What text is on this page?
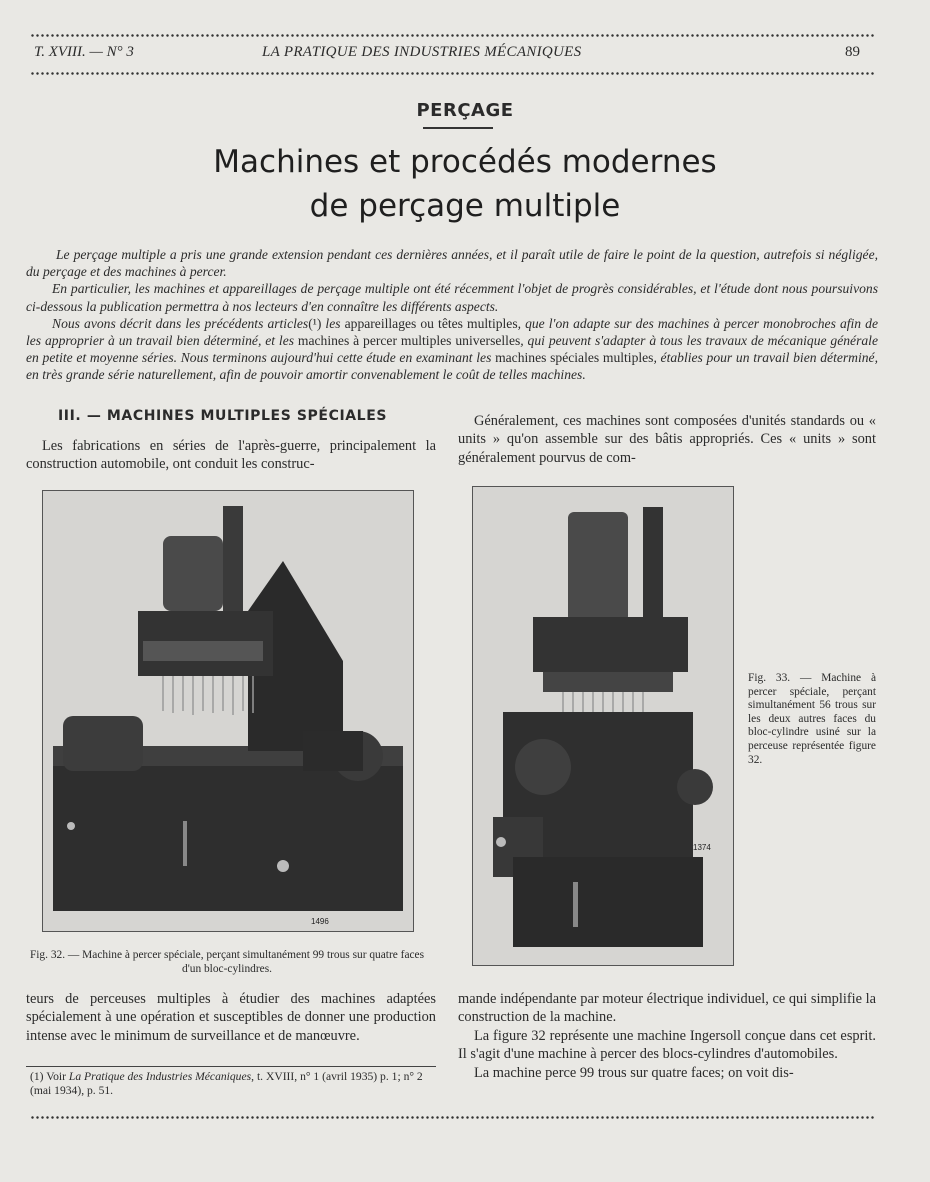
T. XVIII. — N° 3	LA PRATIQUE DES INDUSTRIES MÉCANIQUES	89
PERÇAGE
Machines et procédés modernes
de perçage multiple

Le perçage multiple a pris une grande extension pendant ces dernières années, et il paraît utile de faire le point de la question, autrefois si négligée, du perçage et des machines à percer.

En particulier, les machines et appareillages de perçage multiple ont été récemment l'objet de progrès considérables, et l'étude dont nous poursuivons ci-dessous la publication permettra à nos lecteurs d'en connaître les différents aspects.

Nous avons décrit dans les précédents articles(¹) les appareillages ou têtes multiples, que l'on adapte sur des machines à percer monobroches afin de les approprier à un travail bien déterminé, et les machines à percer multiples universelles, qui peuvent s'adapter à tous les travaux de mécanique générale en petite et moyenne séries. Nous terminons aujourd'hui cette étude en examinant les machines spéciales multiples, établies pour un travail bien déterminé, en très grande série naturellement, afin de pouvoir amortir convenablement le coût de telles machines.

III. — MACHINES MULTIPLES SPÉCIALES

Les fabrications en séries de l'après-guerre, principalement la construction automobile, ont conduit les construc-

Généralement, ces machines sont composées d'unités standards ou « units » qu'on assemble sur des bâtis appropriés. Ces « units » sont généralement pourvus de com-

1496
1374
Fig. 33. — Machine à percer spéciale, perçant simultanément 56 trous sur les deux autres faces du bloc-cylindre usiné sur la perceuse représentée figure 32.
Fig. 32. — Machine à percer spéciale, perçant simultanément 99 trous sur quatre faces d'un bloc-cylindres.

teurs de perceuses multiples à étudier des machines adaptées spécialement à une opération et susceptibles de donner une production intense avec le minimum de surveillance et de manœuvre.

mande indépendante par moteur électrique individuel, ce qui simplifie la construction de la machine.

La figure 32 représente une machine Ingersoll conçue dans cet esprit. Il s'agit d'une machine à percer des blocs-cylindres d'automobiles.

La machine perce 99 trous sur quatre faces; on voit dis-

(1) Voir La Pratique des Industries Mécaniques, t. XVIII, n° 1 (avril 1935) p. 1; n° 2 (mai 1934), p. 51.
